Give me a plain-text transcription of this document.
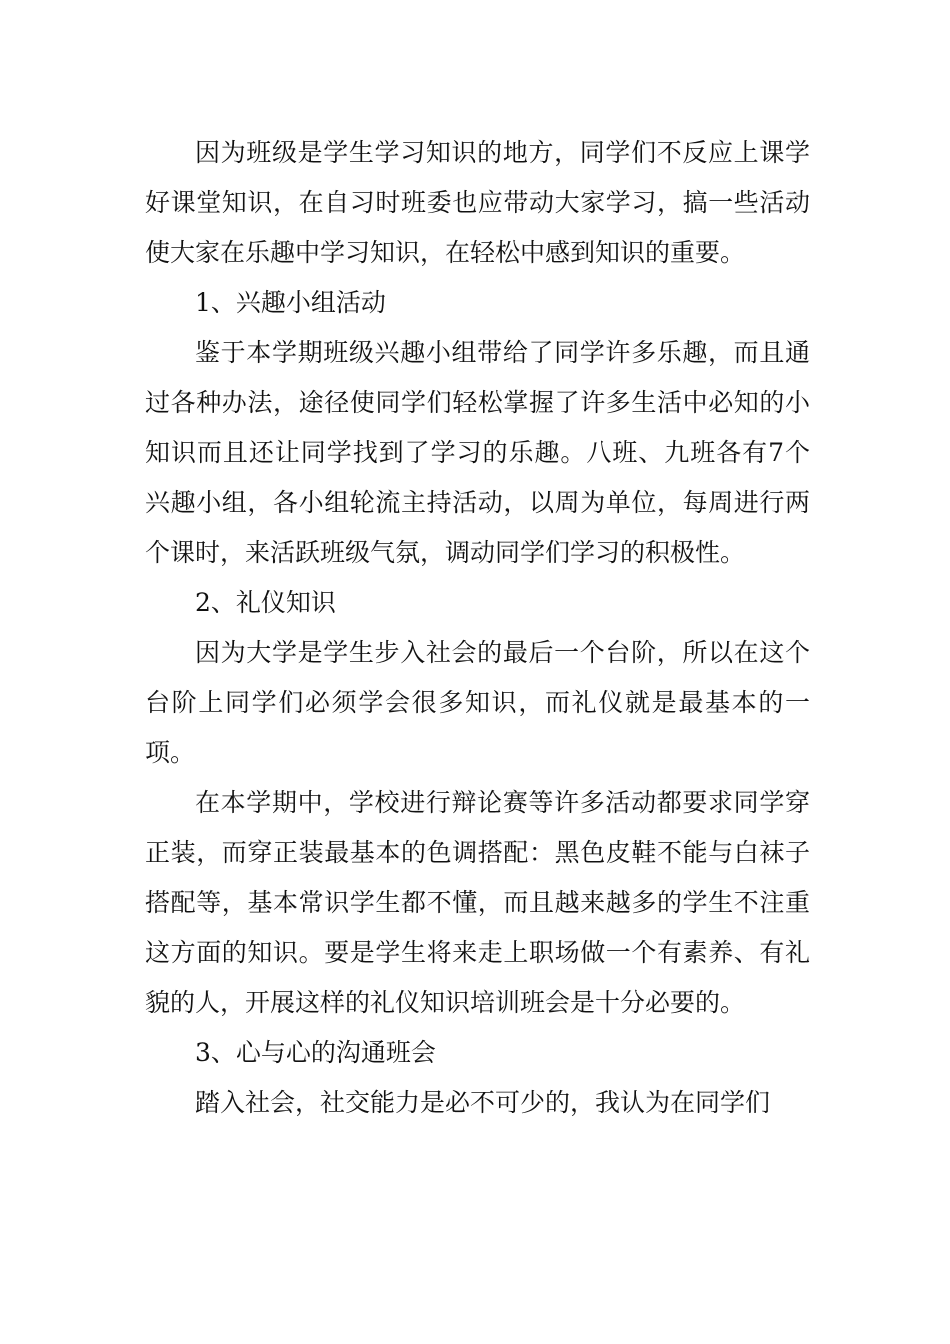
因为班级是学生学习知识的地方，同学们不反应上课学好课堂知识，在自习时班委也应带动大家学习，搞一些活动使大家在乐趣中学习知识，在轻松中感到知识的重要。

1、兴趣小组活动

鉴于本学期班级兴趣小组带给了同学许多乐趣，而且通过各种办法，途径使同学们轻松掌握了许多生活中必知的小知识而且还让同学找到了学习的乐趣。八班、九班各有7个兴趣小组，各小组轮流主持活动，以周为单位，每周进行两个课时，来活跃班级气氛，调动同学们学习的积极性。

2、礼仪知识

因为大学是学生步入社会的最后一个台阶，所以在这个台阶上同学们必须学会很多知识，而礼仪就是最基本的一项。

在本学期中，学校进行辩论赛等许多活动都要求同学穿正装，而穿正装最基本的色调搭配：黑色皮鞋不能与白袜子搭配等，基本常识学生都不懂，而且越来越多的学生不注重这方面的知识。要是学生将来走上职场做一个有素养、有礼貌的人，开展这样的礼仪知识培训班会是十分必要的。

3、心与心的沟通班会

踏入社会，社交能力是必不可少的，我认为在同学们
